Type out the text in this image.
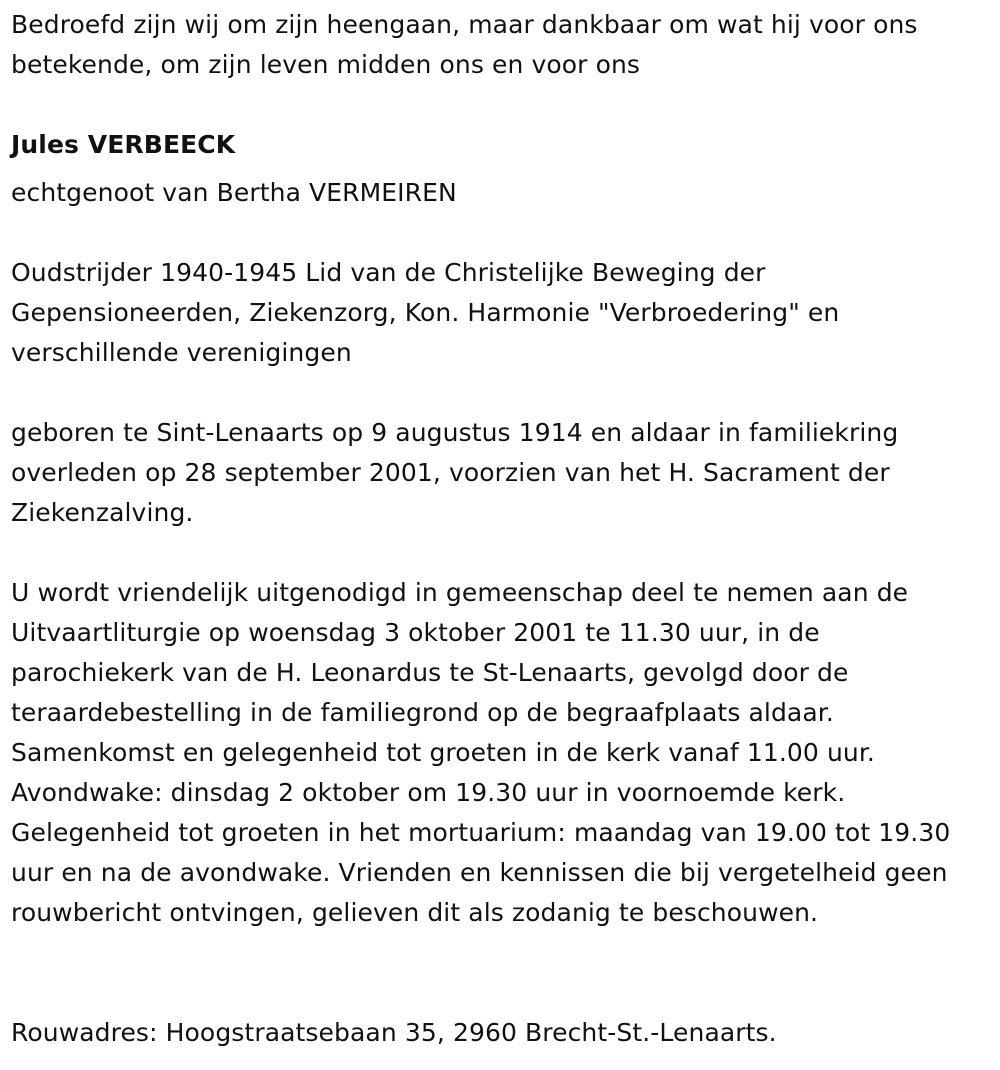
Bedroefd zijn wij om zijn heengaan, maar dankbaar om wat hij voor ons betekende, om zijn leven midden ons en voor ons

Jules VERBEECK

echtgenoot van Bertha VERMEIREN

Oudstrijder 1940-1945 Lid van de Christelijke Beweging der Gepensioneerden, Ziekenzorg, Kon. Harmonie "Verbroedering" en verschillende verenigingen

geboren te Sint-Lenaarts op 9 augustus 1914 en aldaar in familiekring overleden op 28 september 2001, voorzien van het H. Sacrament der Ziekenzalving.

U wordt vriendelijk uitgenodigd in gemeenschap deel te nemen aan de Uitvaartliturgie op woensdag 3 oktober 2001 te 11.30 uur, in de parochiekerk van de H. Leonardus te St-Lenaarts, gevolgd door de teraardebestelling in de familiegrond op de begraafplaats aldaar. Samenkomst en gelegenheid tot groeten in de kerk vanaf 11.00 uur. Avondwake: dinsdag 2 oktober om 19.30 uur in voornoemde kerk. Gelegenheid tot groeten in het mortuarium: maandag van 19.00 tot 19.30 uur en na de avondwake. Vrienden en kennissen die bij vergetelheid geen rouwbericht ontvingen, gelieven dit als zodanig te beschouwen.

Rouwadres: Hoogstraatsebaan 35, 2960 Brecht-St.-Lenaarts.
